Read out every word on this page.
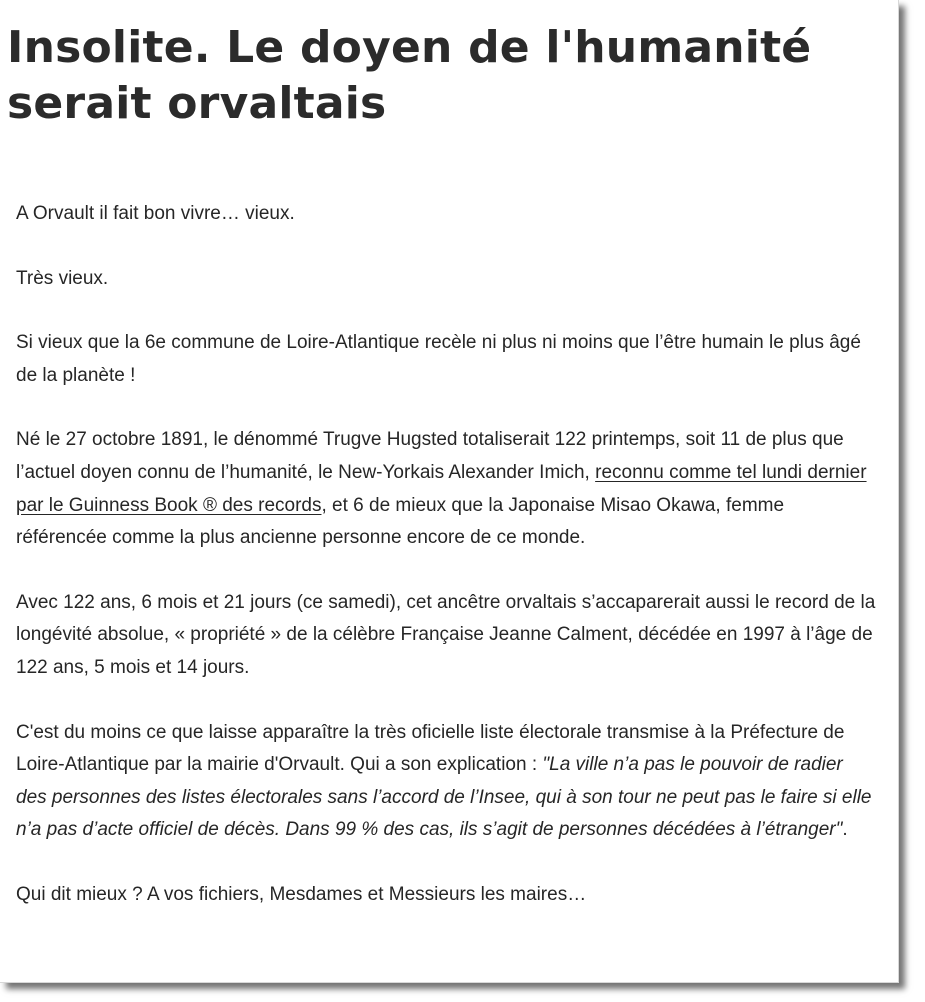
Insolite. Le doyen de l'humanité serait orvaltais

A Orvault il fait bon vivre… vieux.

Très vieux.

Si vieux que la 6e commune de Loire-Atlantique recèle ni plus ni moins que l’être humain le plus âgé de la planète !

Né le 27 octobre 1891, le dénommé Trugve Hugsted totaliserait 122 printemps, soit 11 de plus que l’actuel doyen connu de l’humanité, le New-Yorkais Alexander Imich, reconnu comme tel lundi dernier par le Guinness Book ® des records, et 6 de mieux que la Japonaise Misao Okawa, femme référencée comme la plus ancienne personne encore de ce monde.

Avec 122 ans, 6 mois et 21 jours (ce samedi), cet ancêtre orvaltais s’accaparerait aussi le record de la longévité absolue, « propriété » de la célèbre Française Jeanne Calment, décédée en 1997 à l’âge de 122 ans, 5 mois et 14 jours.

C'est du moins ce que laisse apparaître la très oficielle liste électorale transmise à la Préfecture de Loire-Atlantique par la mairie d'Orvault. Qui a son explication : "La ville n’a pas le pouvoir de radier des personnes des listes électorales sans l’accord de l’Insee, qui à son tour ne peut pas le faire si elle n’a pas d’acte officiel de décès. Dans 99 % des cas, ils s’agit de personnes décédées à l’étranger".

Qui dit mieux ? A vos fichiers, Mesdames et Messieurs les maires…
